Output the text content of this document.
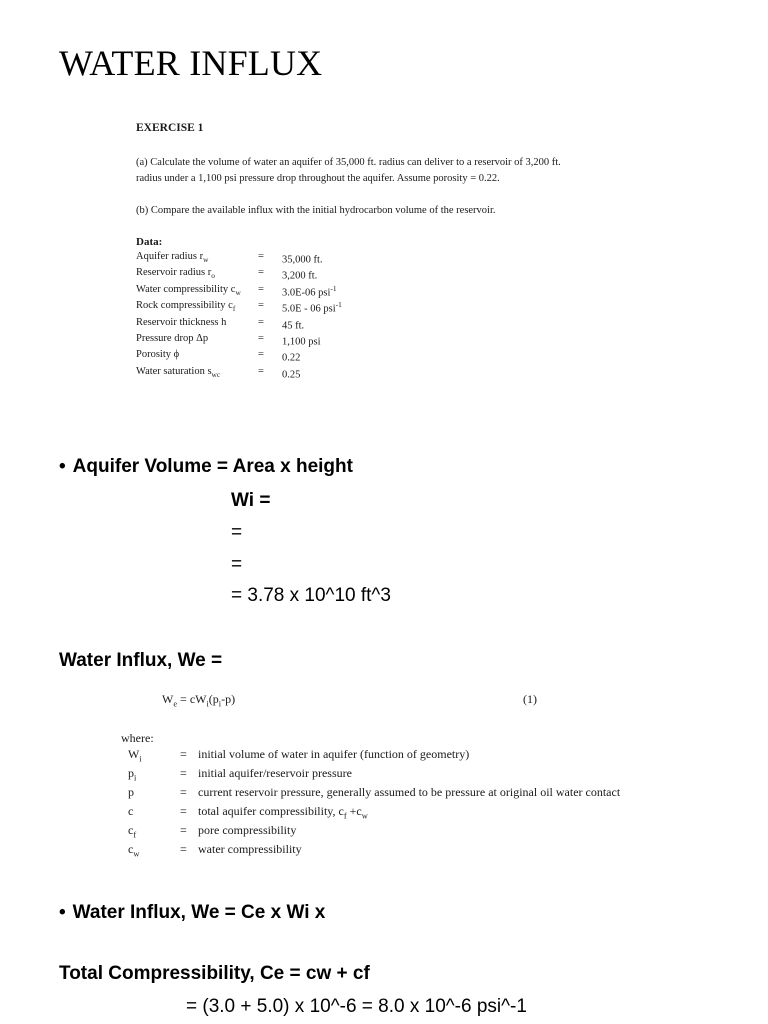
WATER INFLUX
EXERCISE 1
(a) Calculate the volume of water an aquifer of 35,000 ft. radius can deliver to a reservoir of 3,200 ft.
radius under a 1,100 psi pressure drop throughout the aquifer. Assume porosity = 0.22.
(b) Compare the available influx with the initial hydrocarbon volume of the reservoir.
Data:
Aquifer radius $r_w$	= 35,000 ft.
Reservoir radius $r_o$	= 3,200 ft.
Water compressibility $c_w = 3.0E-06$ psi$^{-1}$
Rock compressibility $c_f = 5.0E - 06$ psi$^{-1}$
Reservoir thickness h	= 45 ft.
Pressure drop Δp	= 1,100 psi
Porosity ϕ	= 0.22
Water saturation $s_{wc}$	= 0.25
• Aquifer Volume = Area x height
Wi =
=
=
= 3.78 x 10^10 ft^3
Water Influx, We =
$W_e = cW_i(p_i-p)$	(1)
where:
$W_i$	= initial volume of water in aquifer (function of geometry)
$p_i$	= initial aquifer/reservoir pressure
p	= current reservoir pressure, generally assumed to be pressure at original oil water contact
c	= total aquifer compressibility, $c_f +c_w$
$c_f$	= pore compressibility
$c_w$	= water compressibility
• Water Influx, We = Ce x Wi x
Total Compressibility, Ce = cw + cf
= (3.0 + 5.0) x 10^-6 = 8.0 x 10^-6 psi^-1
